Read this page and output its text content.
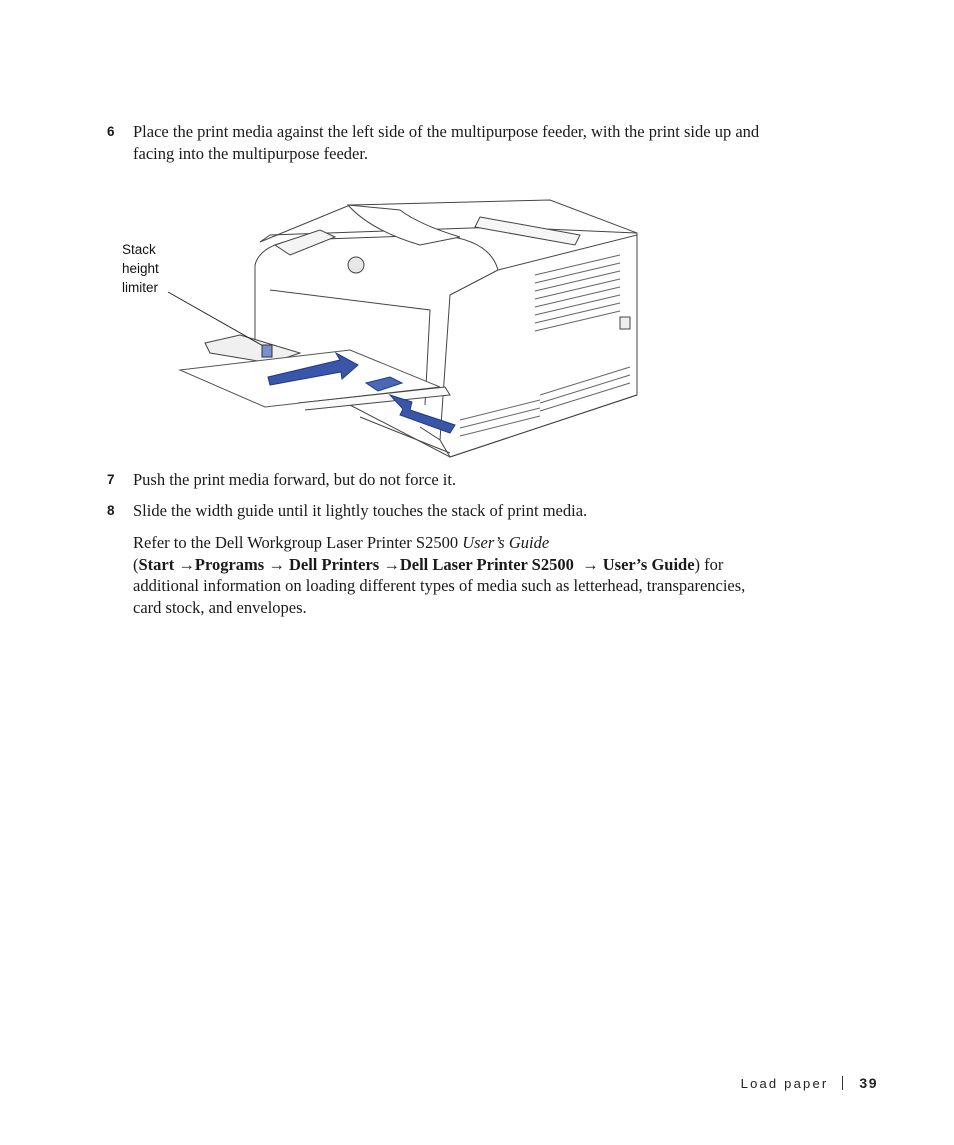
6	Place the print media against the left side of the multipurpose feeder, with the print side up and facing into the multipurpose feeder.
Stack
height
limiter
7	Push the print media forward, but do not force it.
8	Slide the width guide until it lightly touches the stack of print media.
Refer to the Dell Workgroup Laser Printer S2500 User’s Guide
(Start →Programs → Dell Printers →Dell Laser Printer S2500 → User’s Guide) for additional information on loading different types of media such as letterhead, transparencies, card stock, and envelopes.
Load paper 39
